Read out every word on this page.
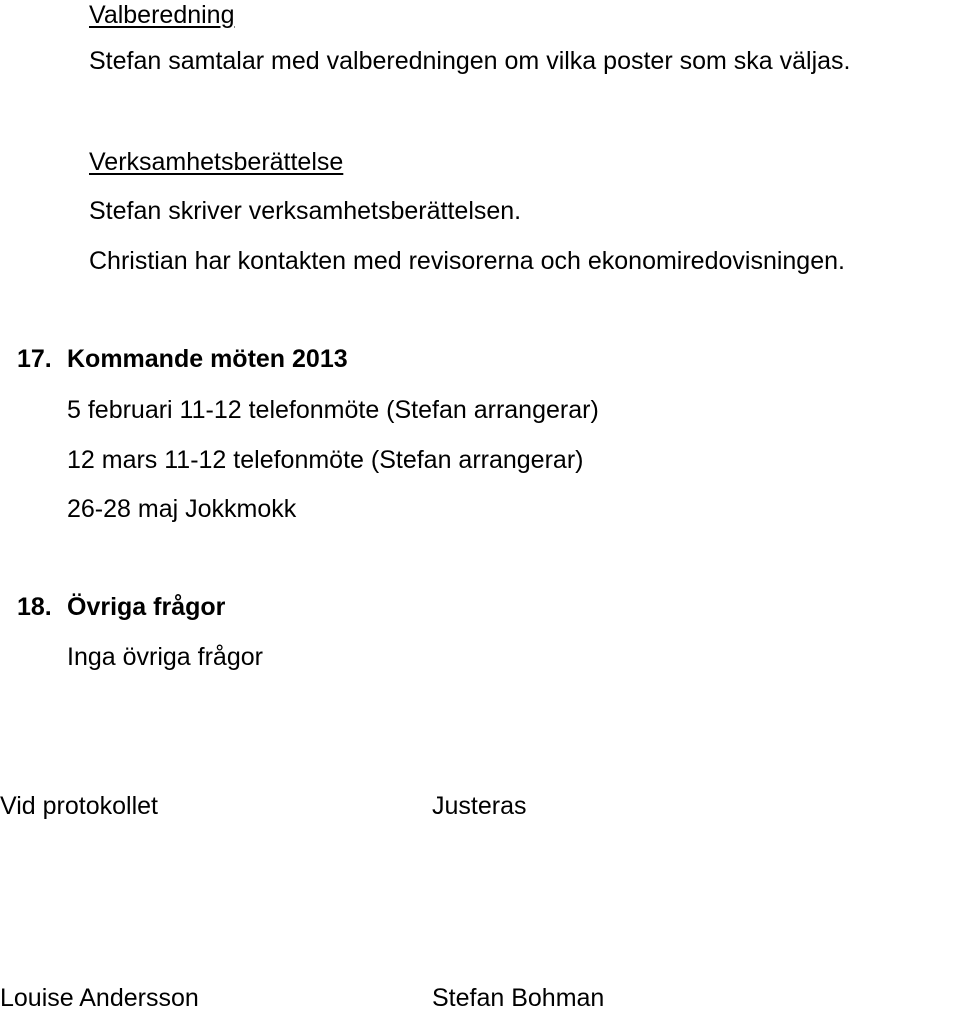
Valberedning
Stefan samtalar med valberedningen om vilka poster som ska väljas.
Verksamhetsberättelse
Stefan skriver verksamhetsberättelsen.
Christian har kontakten med revisorerna och ekonomiredovisningen.
17. Kommande möten 2013
5 februari 11-12 telefonmöte (Stefan arrangerar)
12 mars 11-12 telefonmöte (Stefan arrangerar)
26-28 maj Jokkmokk
18. Övriga frågor
Inga övriga frågor
Vid protokollet	Justeras
Louise Andersson	Stefan Bohman
